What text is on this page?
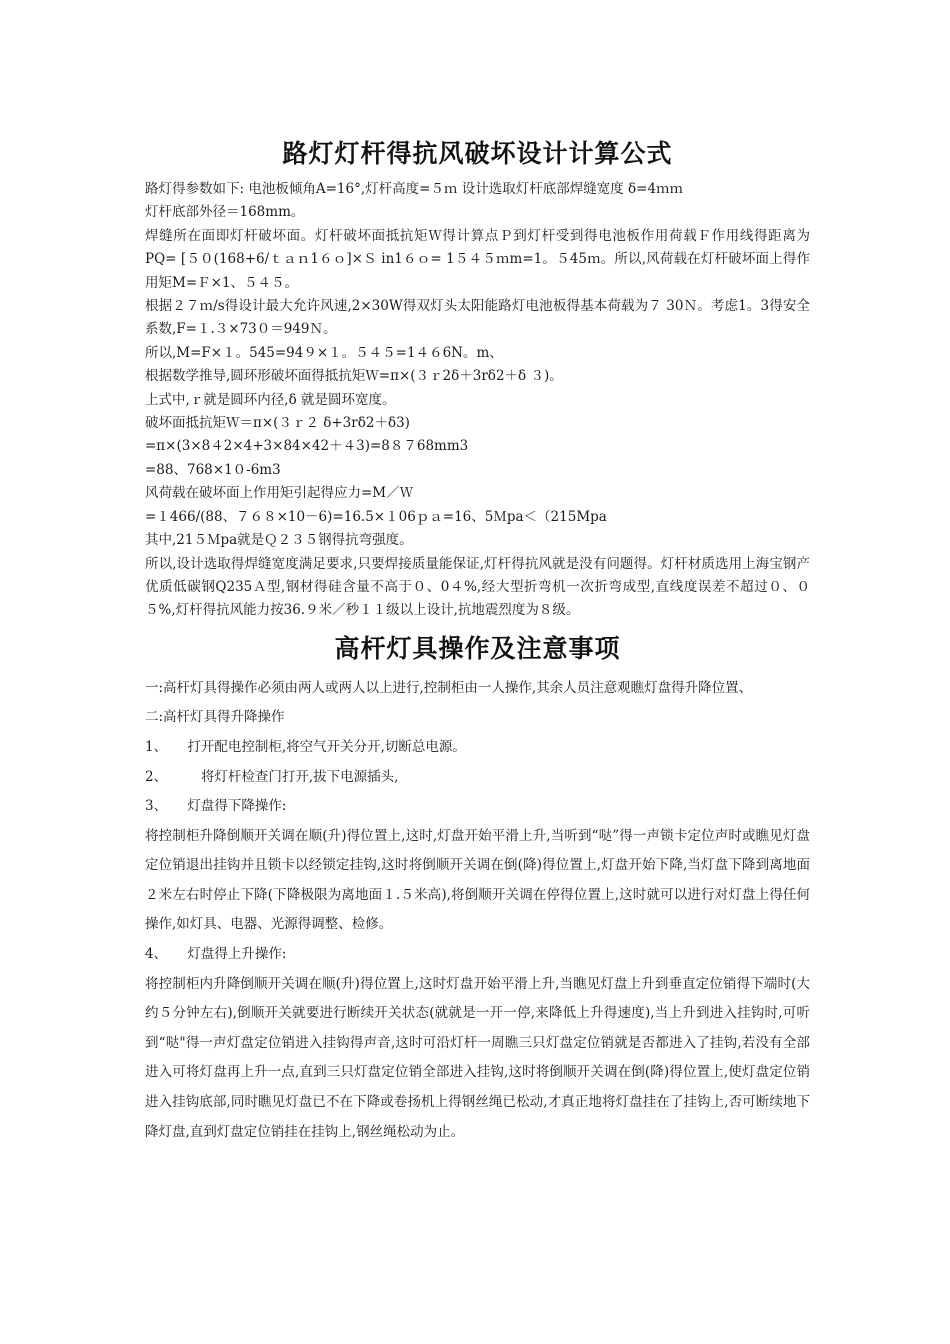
路灯灯杆得抗风破坏设计计算公式

路灯得参数如下: 电池板倾角A=16°,灯杆高度=５ｍ 设计选取灯杆底部焊缝宽度 δ=4ｍｍ

灯杆底部外径＝168mm。

焊缝所在面即灯杆破坏面。灯杆破坏面抵抗矩Ｗ得计算点Ｐ到灯杆受到得电池板作用荷载Ｆ作用线得距离为PQ= [５０(168+6/ｔａｎ1６ｏ]×Ｓ in1６ｏ= 1５４５ｍm=1。５45ｍ。所以,风荷载在灯杆破坏面上得作用矩M=Ｆ×1、５４５。

根据２７ｍ/s得设计最大允许风速,2×30W得双灯头太阳能路灯电池板得基本荷载为７ 30Ｎ。考虑1。3得安全系数,F=１.３×73０＝949Ｎ。

所以,M=F×１。545=94９×１。５４５=1４６6N。m、

根据数学推导,圆环形破坏面得抵抗矩Ｗ=π×(３ｒ2δ＋3rδ2＋δ ３)。

上式中,ｒ就是圆环内径,δ 就是圆环宽度。

破坏面抵抗矩Ｗ＝π×(３ｒ２ δ+3rδ2＋δ3)

=π×(3×8４2×4+3×84×42＋４3)=8８７68mm3

=88、768×1０-6m3

风荷载在破坏面上作用矩引起得应力=M／Ｗ

=１466/(88、７６８×10－6)=16.5×１06ｐａ=16、5Ｍpa＜（215Mpa

其中,21５Ｍpa就是Ｑ２３５钢得抗弯强度。

所以,设计选取得焊缝宽度满足要求,只要焊接质量能保证,灯杆得抗风就是没有问题得。灯杆材质选用上海宝钢产优质低碳钢Q235Ａ型,钢材得硅含量不高于０、0４%,经大型折弯机一次折弯成型,直线度误差不超过０、０５%,灯杆得抗风能力按36.９米／秒１１级以上设计,抗地震烈度为８级。

高杆灯具操作及注意事项

一:高杆灯具得操作必须由两人或两人以上进行,控制柜由一人操作,其余人员注意观瞧灯盘得升降位置、

二:高杆灯具得升降操作

1、　　打开配电控制柜,将空气开关分开,切断总电源。

2、　　　将灯杆检查门打开,拔下电源插头,

3、　　灯盘得下降操作:

将控制柜升降倒顺开关调在顺(升)得位置上,这时,灯盘开始平滑上升,当听到“哒”得一声锁卡定位声时或瞧见灯盘定位销退出挂钩并且锁卡以经锁定挂钩,这时将倒顺开关调在倒(降)得位置上,灯盘开始下降,当灯盘下降到离地面２米左右时停止下降(下降极限为离地面１.５米高),将倒顺开关调在停得位置上,这时就可以进行对灯盘上得任何操作,如灯具、电器、光源得调整、检修。

4、　　灯盘得上升操作:

将控制柜内升降倒顺开关调在顺(升)得位置上,这时灯盘开始平滑上升,当瞧见灯盘上升到垂直定位销得下端时(大约５分钟左右),倒顺开关就要进行断续开关状态(就就是一开一停,来降低上升得速度),当上升到进入挂钩时,可听到“哒"得一声灯盘定位销进入挂钩得声音,这时可沿灯杆一周瞧三只灯盘定位销就是否都进入了挂钩,若没有全部进入可将灯盘再上升一点,直到三只灯盘定位销全部进入挂钩,这时将倒顺开关调在倒(降)得位置上,使灯盘定位销进入挂钩底部,同时瞧见灯盘已不在下降或卷扬机上得钢丝绳已松动,才真正地将灯盘挂在了挂钩上,否可断续地下降灯盘,直到灯盘定位销挂在挂钩上,钢丝绳松动为止。
